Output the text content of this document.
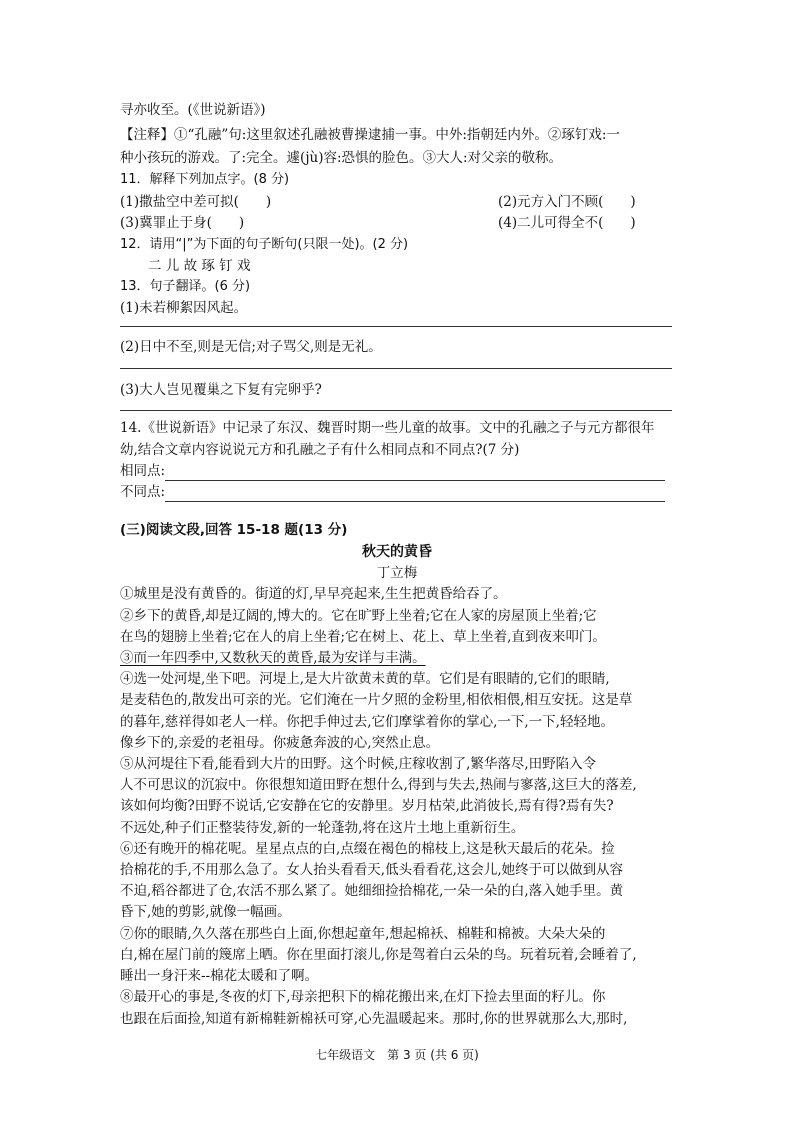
寻亦收至。(《世说新语》)
【注释】①“孔融”句:这里叙述孔融被曹操逮捕一事。中外:指朝廷内外。②琢钉戏:一
种小孩玩的游戏。了:完全。遽(jù)容:恐惧的脸色。③大人:对父亲的敬称。
11．解释下列加点字。(8 分)
(1)撒盐空中差可拟(　　)	(2)元方入门不顾(　　)
(3)冀罪止于身(　　)	(4)二儿可得全不(　　)
12．请用“|”为下面的句子断句(只限一处)。(2 分)
二 儿 故 琢 钉 戏
13．句子翻译。(6 分)
(1)未若柳絮因风起。
(2)日中不至,则是无信;对子骂父,则是无礼。
(3)大人岂见覆巢之下复有完卵乎?
14.《世说新语》中记录了东汉、魏晋时期一些儿童的故事。文中的孔融之子与元方都很年
幼,结合文章内容说说元方和孔融之子有什么相同点和不同点?(7 分)
相同点:
不同点:
(三)阅读文段,回答 15-18 题(13 分)
秋天的黄昏
丁立梅
①城里是没有黄昏的。街道的灯,早早亮起来,生生把黄昏给吞了。
②乡下的黄昏,却是辽阔的,博大的。它在旷野上坐着;它在人家的房屋顶上坐着;它
在鸟的翅膀上坐着;它在人的肩上坐着;它在树上、花上、草上坐着,直到夜来叩门。
③而一年四季中,又数秋天的黄昏,最为安详与丰满。
④选一处河堤,坐下吧。河堤上,是大片欲黄未黄的草。它们是有眼睛的,它们的眼睛,
是麦秸色的,散发出可亲的光。它们淹在一片夕照的金粉里,相依相偎,相互安抚。这是草
的暮年,慈祥得如老人一样。你把手伸过去,它们摩挲着你的掌心,一下,一下,轻轻地。
像乡下的,亲爱的老祖母。你疲惫奔波的心,突然止息。
⑤从河堤往下看,能看到大片的田野。这个时候,庄稼收割了,繁华落尽,田野陷入令
人不可思议的沉寂中。你很想知道田野在想什么,得到与失去,热闹与寥落,这巨大的落差,
该如何均衡?田野不说话,它安静在它的安静里。岁月枯荣,此消彼长,焉有得?焉有失?
不远处,种子们正整装待发,新的一轮蓬勃,将在这片土地上重新衍生。
⑥还有晚开的棉花呢。星星点点的白,点缀在褐色的棉枝上,这是秋天最后的花朵。捡
拾棉花的手,不用那么急了。女人抬头看看天,低头看看花,这会儿,她终于可以做到从容
不迫,稻谷都进了仓,农活不那么紧了。她细细捡拾棉花,一朵一朵的白,落入她手里。黄
昏下,她的剪影,就像一幅画。
⑦你的眼睛,久久落在那些白上面,你想起童年,想起棉袄、棉鞋和棉被。大朵大朵的
白,棉在屋门前的篾席上晒。你在里面打滚儿,你是驾着白云朵的鸟。玩着玩着,会睡着了,
睡出一身汗来--棉花太暖和了啊。
⑧最开心的事是,冬夜的灯下,母亲把积下的棉花搬出来,在灯下捡去里面的籽儿。你
也跟在后面捡,知道有新棉鞋新棉袄可穿,心先温暖起来。那时,你的世界就那么大,那时,
七年级语文　第 3 页 (共 6 页)
